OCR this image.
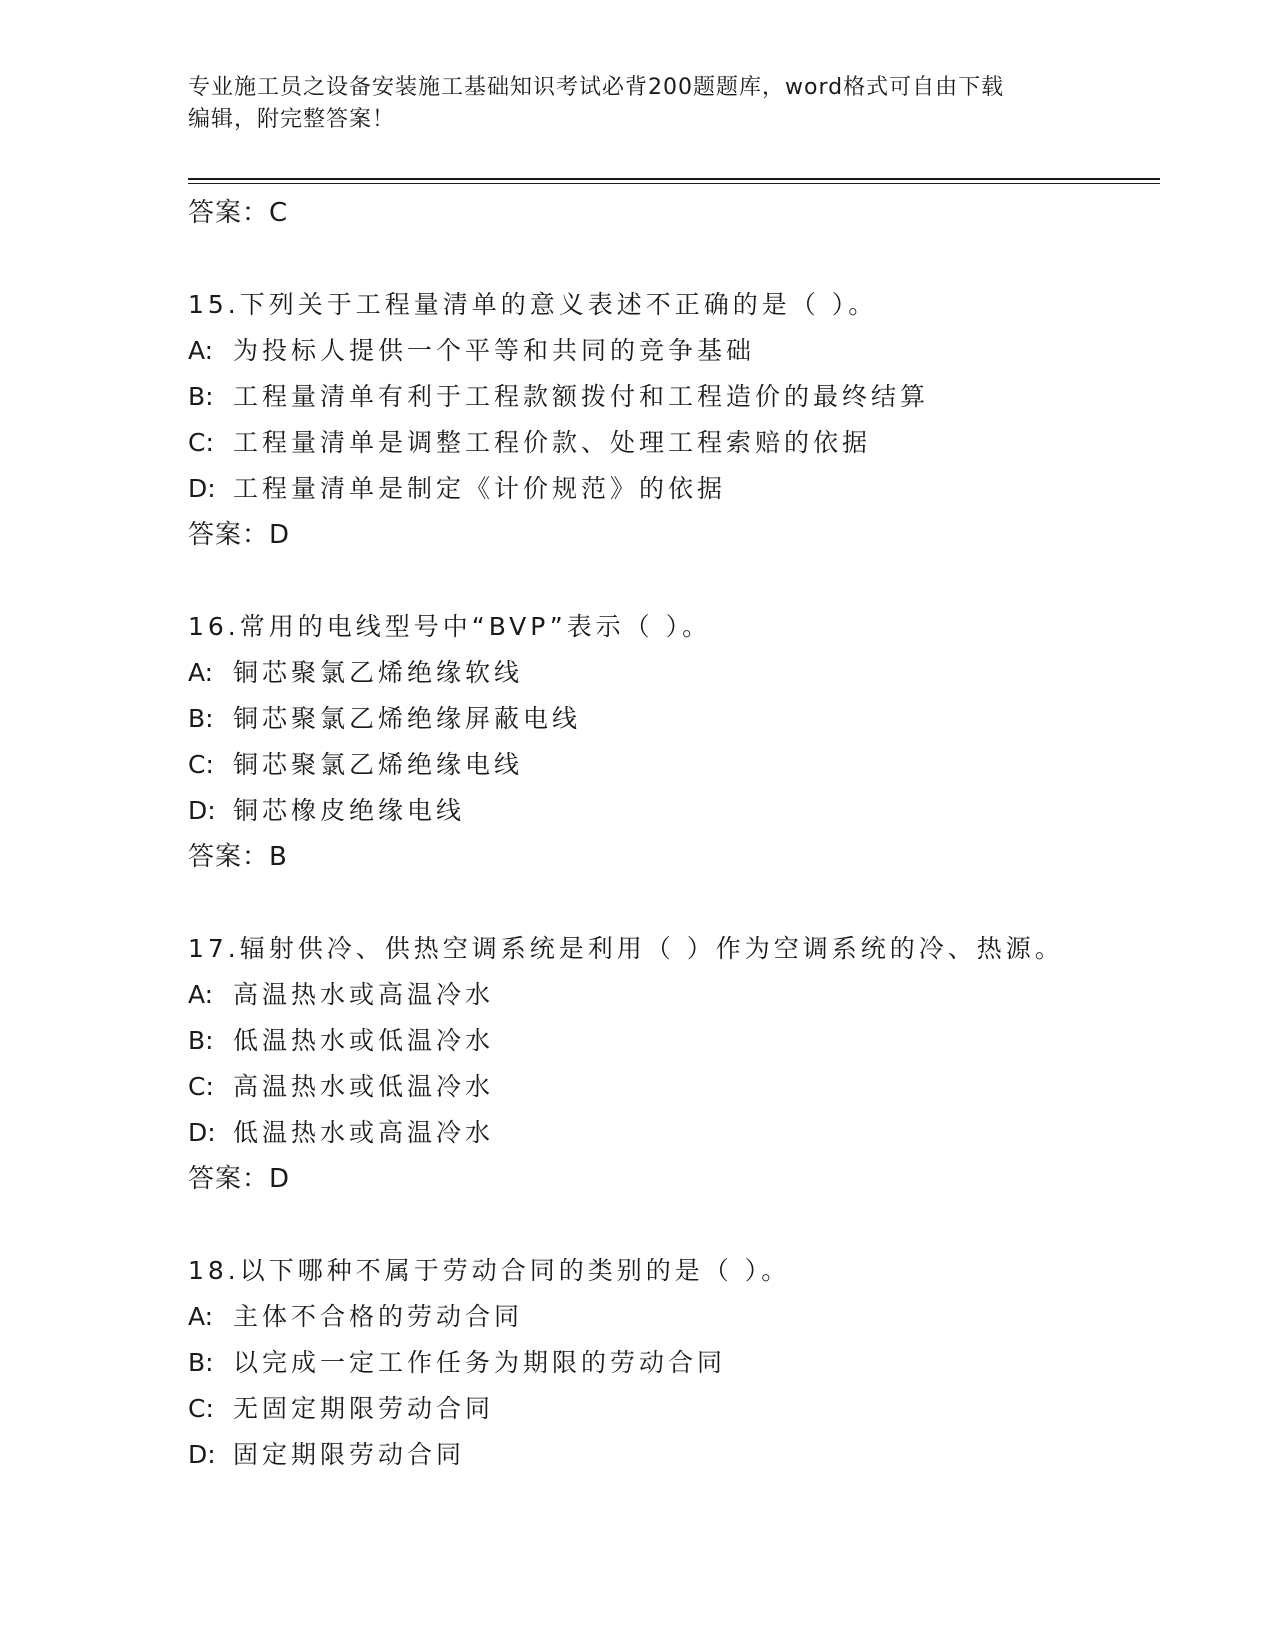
专业施工员之设备安装施工基础知识考试必背200题题库，word格式可自由下载
编辑，附完整答案！
答案：C
15.下列关于工程量清单的意义表述不正确的是（ ）。
A: 为投标人提供一个平等和共同的竞争基础
B: 工程量清单有利于工程款额拨付和工程造价的最终结算
C: 工程量清单是调整工程价款、处理工程索赔的依据
D: 工程量清单是制定《计价规范》的依据
答案：D
16.常用的电线型号中“BVP”表示（ ）。
A: 铜芯聚氯乙烯绝缘软线
B: 铜芯聚氯乙烯绝缘屏蔽电线
C: 铜芯聚氯乙烯绝缘电线
D: 铜芯橡皮绝缘电线
答案：B
17.辐射供冷、供热空调系统是利用（ ）作为空调系统的冷、热源。
A: 高温热水或高温冷水
B: 低温热水或低温冷水
C: 高温热水或低温冷水
D: 低温热水或高温冷水
答案：D
18.以下哪种不属于劳动合同的类别的是（ ）。
A: 主体不合格的劳动合同
B: 以完成一定工作任务为期限的劳动合同
C: 无固定期限劳动合同
D: 固定期限劳动合同
